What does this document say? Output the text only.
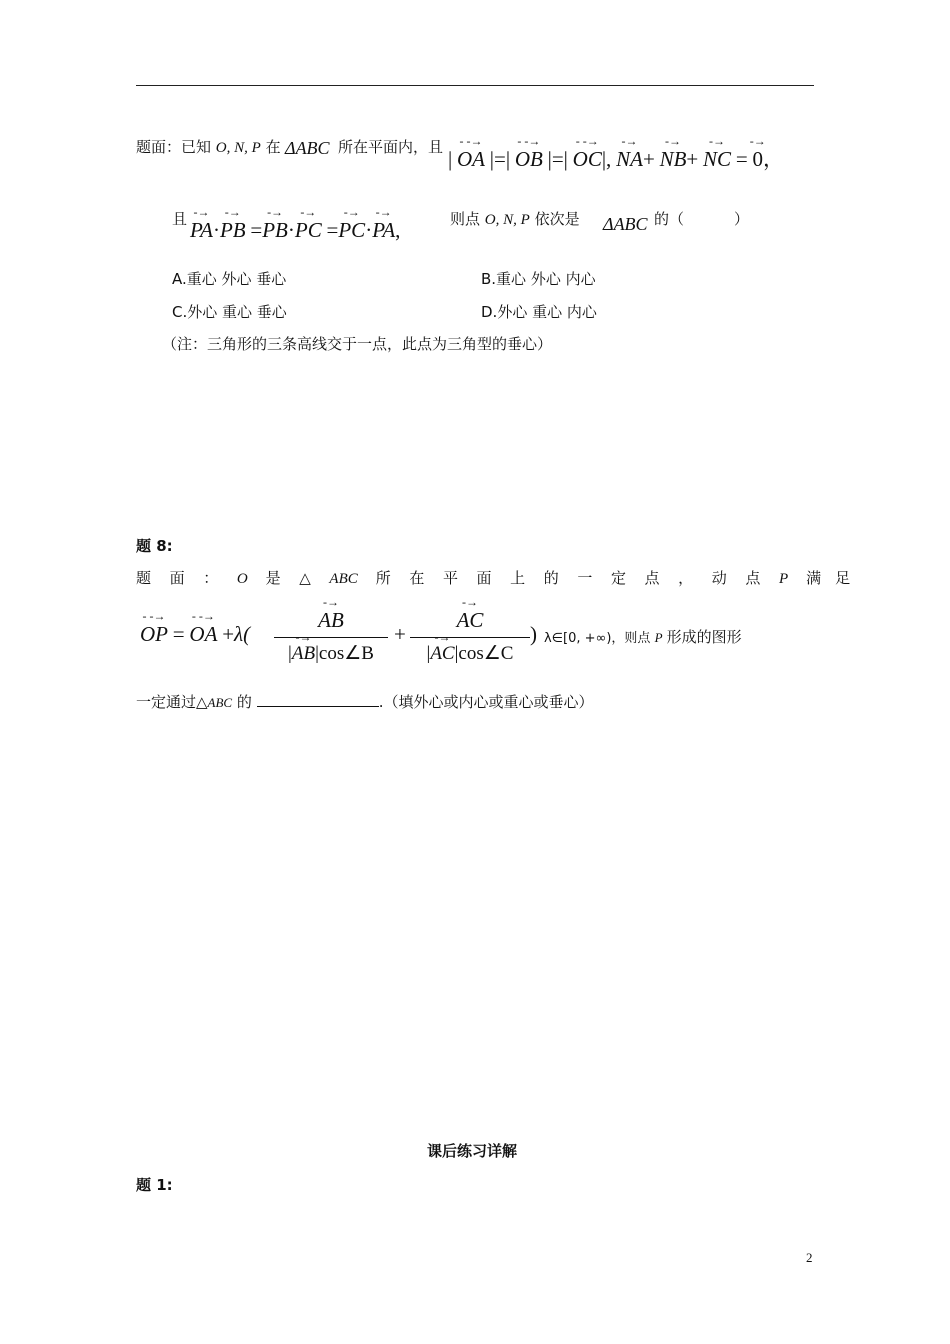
题面：已知 O, N, P 在 ΔABC 所在平面内，且 | - -→ OA |=| - -→ OB |=| - -→ OC|, -→ NA+ -→ NB+ -→ NC = -→ 0，
且 -→ PA·-→ PB =-→ PB·-→ PC =-→ PC·-→ PA,	则点 O, N, P 依次是 ΔABC 的（	）
A.重心 外心 垂心	B.重心 外心 内心
C.外心 重心 垂心	D.外心 重心 内心
（注：三角形的三条高线交于一点，此点为三角型的垂心）
题 8:
题面：O 是△ABC 所在平面上的一定点，动点P 满足
- -→ OP = - -→ OA +λ(
-→ AB
|-→ AB|cos∠B
+
-→ AC
|-→ AC|cos∠C
) λ∈[0, +∞)，则点 P 形成的图形
一定通过△ABC 的	.（填外心或内心或重心或垂心）
课后练习详解
题 1:
2
